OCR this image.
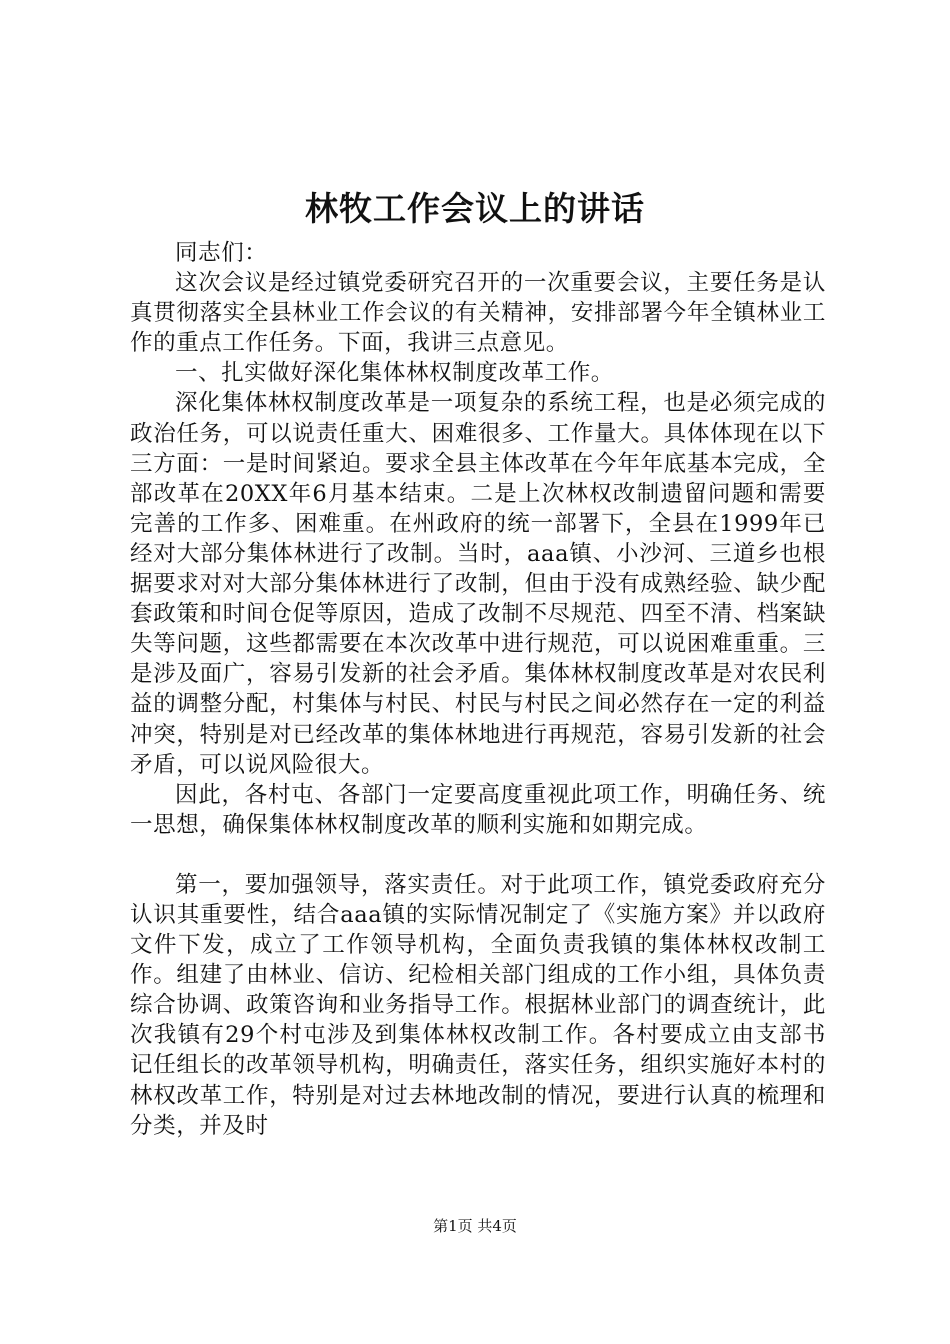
林牧工作会议上的讲话

同志们：

这次会议是经过镇党委研究召开的一次重要会议，主要任务是认真贯彻落实全县林业工作会议的有关精神，安排部署今年全镇林业工作的重点工作任务。下面，我讲三点意见。

一、扎实做好深化集体林权制度改革工作。

深化集体林权制度改革是一项复杂的系统工程，也是必须完成的政治任务，可以说责任重大、困难很多、工作量大。具体体现在以下三方面：一是时间紧迫。要求全县主体改革在今年年底基本完成，全部改革在20XX年6月基本结束。二是上次林权改制遗留问题和需要完善的工作多、困难重。在州政府的统一部署下，全县在1999年已经对大部分集体林进行了改制。当时，aaa镇、小沙河、三道乡也根据要求对对大部分集体林进行了改制，但由于没有成熟经验、缺少配套政策和时间仓促等原因，造成了改制不尽规范、四至不清、档案缺失等问题，这些都需要在本次改革中进行规范，可以说困难重重。三是涉及面广，容易引发新的社会矛盾。集体林权制度改革是对农民利益的调整分配，村集体与村民、村民与村民之间必然存在一定的利益冲突，特别是对已经改革的集体林地进行再规范，容易引发新的社会矛盾，可以说风险很大。

因此，各村屯、各部门一定要高度重视此项工作，明确任务、统一思想，确保集体林权制度改革的顺利实施和如期完成。

第一，要加强领导，落实责任。对于此项工作，镇党委政府充分认识其重要性，结合aaa镇的实际情况制定了《实施方案》并以政府文件下发，成立了工作领导机构，全面负责我镇的集体林权改制工作。组建了由林业、信访、纪检相关部门组成的工作小组，具体负责综合协调、政策咨询和业务指导工作。根据林业部门的调查统计，此次我镇有29个村屯涉及到集体林权改制工作。各村要成立由支部书记任组长的改革领导机构，明确责任，落实任务，组织实施好本村的林权改革工作，特别是对过去林地改制的情况，要进行认真的梳理和分类，并及时

第1页 共4页
